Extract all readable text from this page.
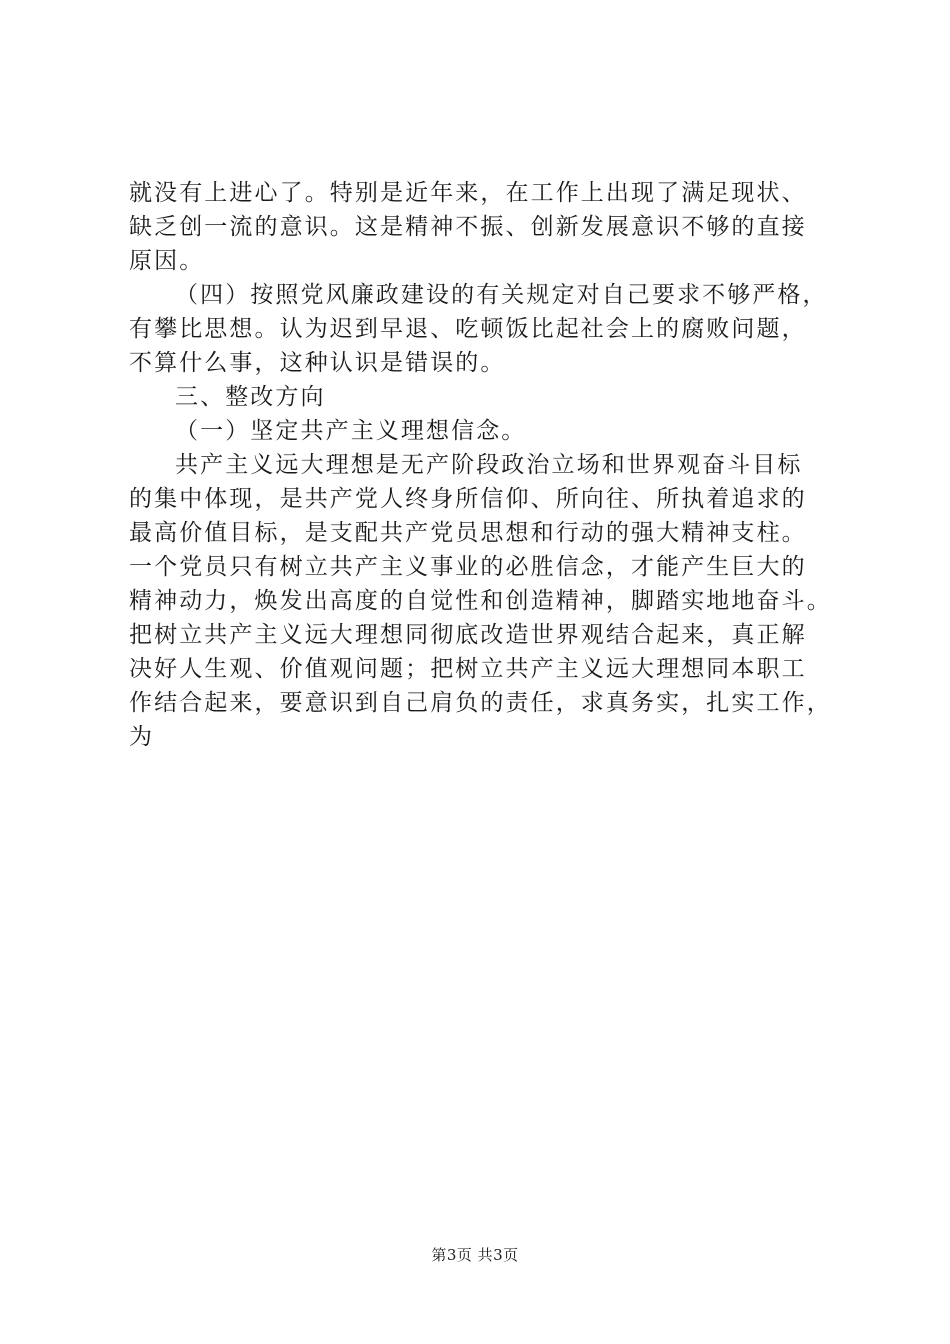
就没有上进心了。特别是近年来，在工作上出现了满足现状、
缺乏创一流的意识。这是精神不振、创新发展意识不够的直接
原因。
（四）按照党风廉政建设的有关规定对自己要求不够严格，
有攀比思想。认为迟到早退、吃顿饭比起社会上的腐败问题，
不算什么事，这种认识是错误的。
三、整改方向
（一）坚定共产主义理想信念。
共产主义远大理想是无产阶段政治立场和世界观奋斗目标
的集中体现，是共产党人终身所信仰、所向往、所执着追求的
最高价值目标，是支配共产党员思想和行动的强大精神支柱。
一个党员只有树立共产主义事业的必胜信念，才能产生巨大的
精神动力，焕发出高度的自觉性和创造精神，脚踏实地地奋斗。
把树立共产主义远大理想同彻底改造世界观结合起来，真正解
决好人生观、价值观问题；把树立共产主义远大理想同本职工
作结合起来，要意识到自己肩负的责任，求真务实，扎实工作，
为
第3页 共3页
